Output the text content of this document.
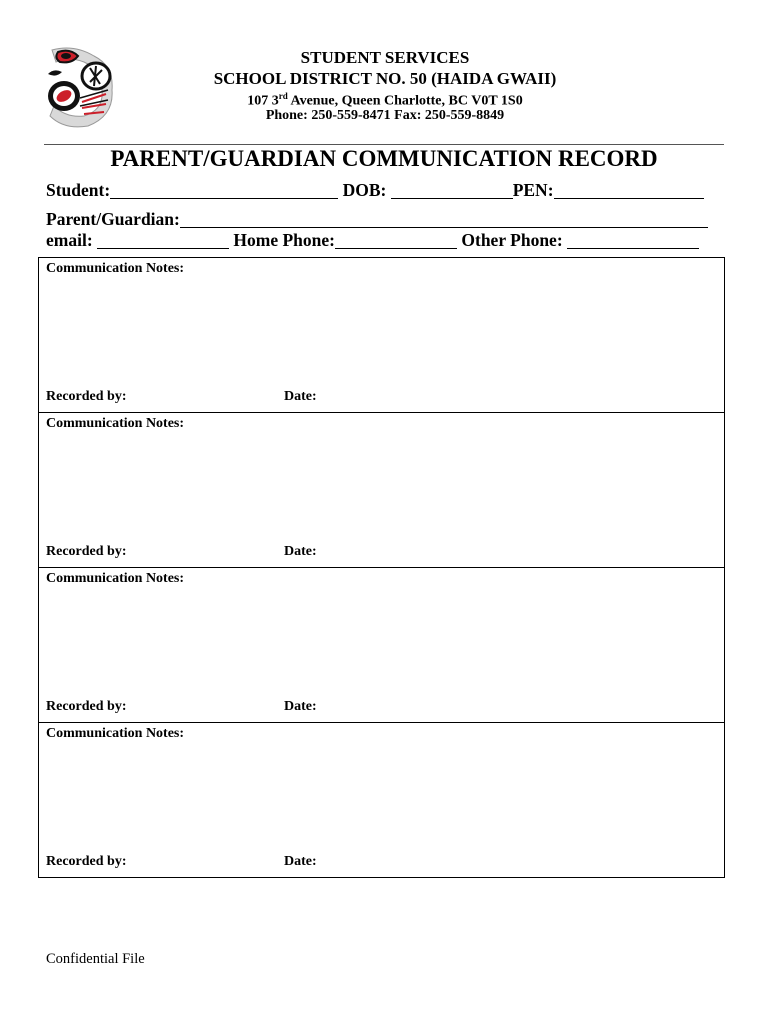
STUDENT SERVICES
SCHOOL DISTRICT NO. 50 (HAIDA GWAII)
107 3rd Avenue, Queen Charlotte, BC V0T 1S0
Phone: 250-559-8471 Fax: 250-559-8849
PARENT/GUARDIAN COMMUNICATION RECORD
Student:	DOB:	PEN:
Parent/Guardian:
email:	Home Phone:	Other Phone:
Communication Notes:
Recorded by:	Date:
Communication Notes:
Recorded by:	Date:
Communication Notes:
Recorded by:	Date:
Communication Notes:
Recorded by:	Date:
Confidential File
